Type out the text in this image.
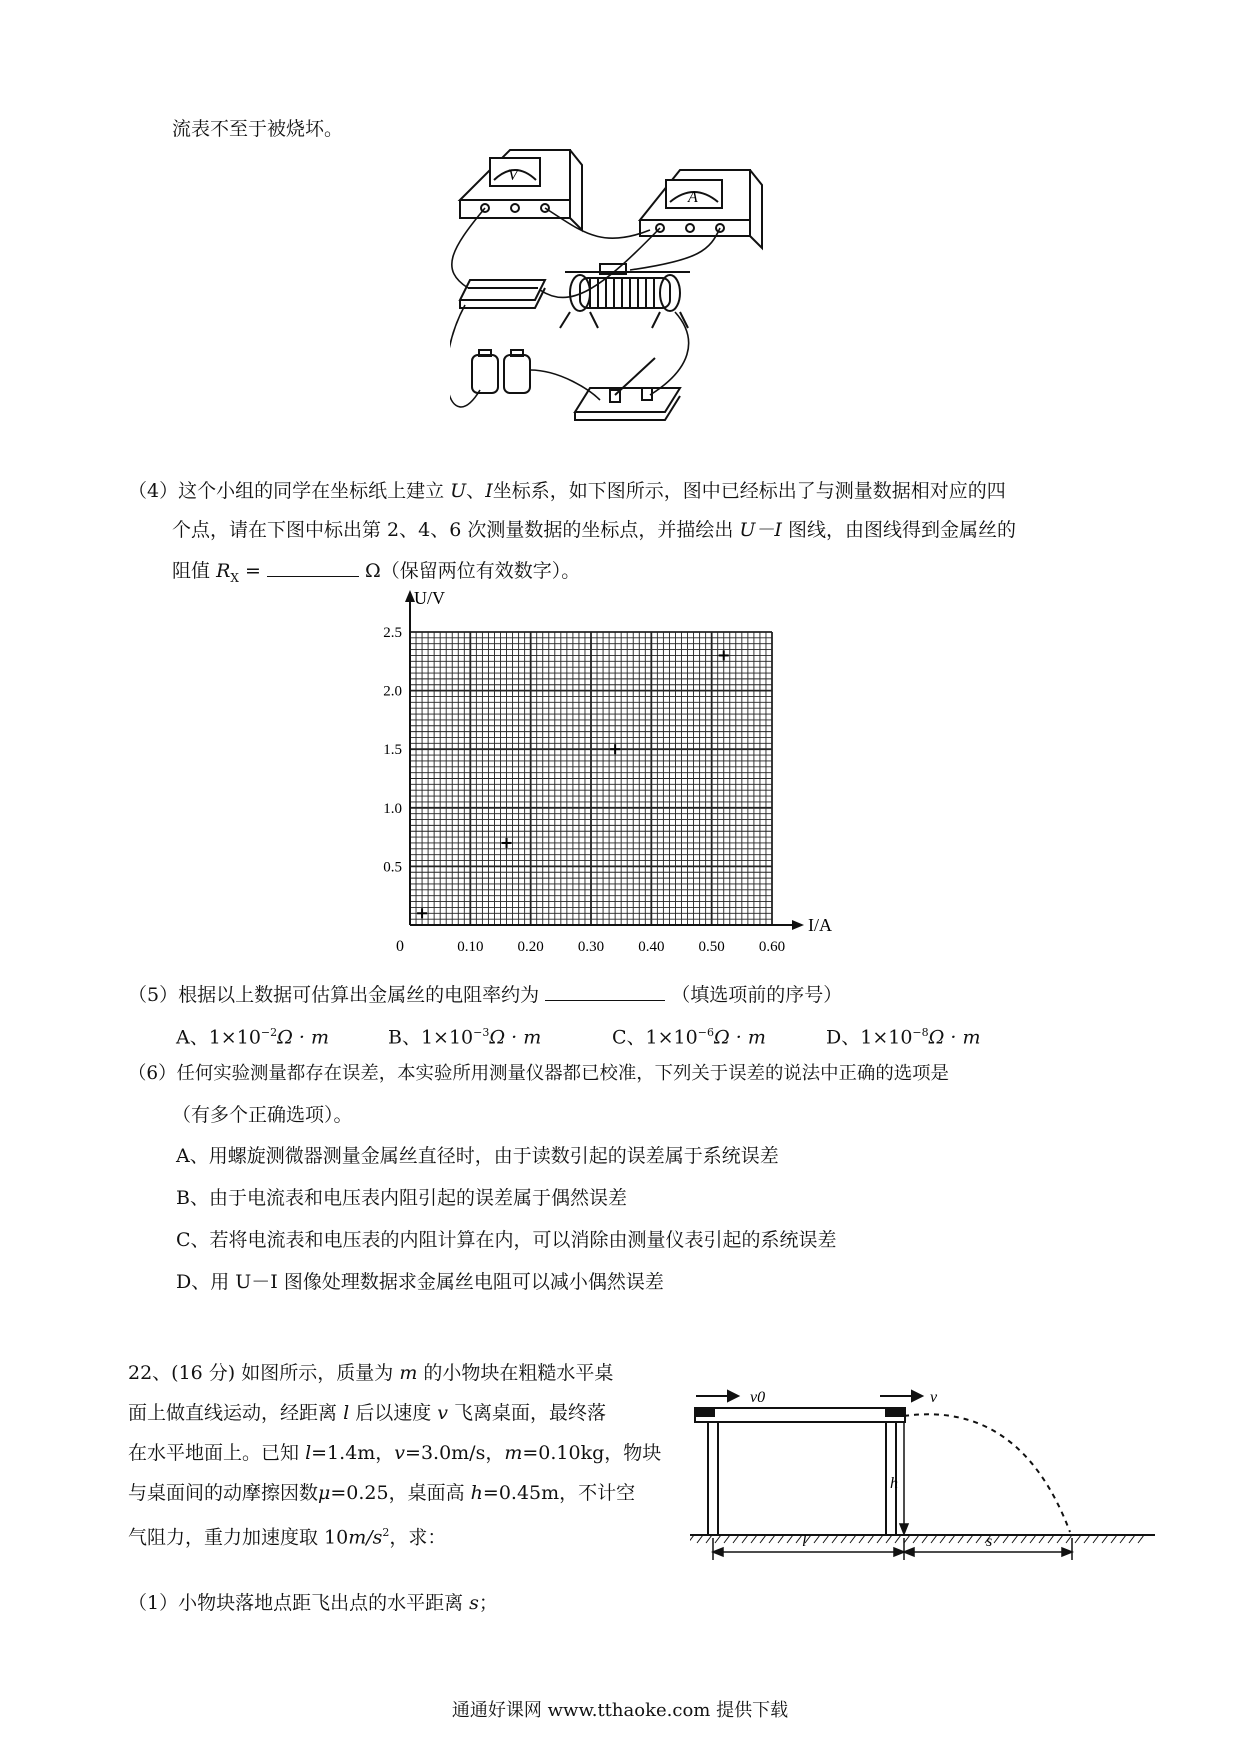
流表不至于被烧坏。
V
A
（4）这个小组的同学在坐标纸上建立 U、I坐标系，如下图所示，图中已经标出了与测量数据相对应的四
个点，请在下图中标出第 2、4、6 次测量数据的坐标点，并描绘出 U－I 图线，由图线得到金属丝的
阻值 $R_X$ =	Ω（保留两位有效数字）。
0.10 0.20 0.30 0.40 0.50 0.60
2.5
2.0
1.5
1.0
0.5
U/V
I/A
0
（5）根据以上数据可估算出金属丝的电阻率约为	（填选项前的序号）
A、$1\times 10^{-2}\Omega \cdot m$	B、$1\times 10^{-3}\Omega \cdot m$	C、$1\times 10^{-6}\Omega \cdot m$	D、$1\times 10^{-8}\Omega \cdot m$
（6）任何实验测量都存在误差，本实验所用测量仪器都已校准，下列关于误差的说法中正确的选项是
（有多个正确选项）。
A、用螺旋测微器测量金属丝直径时，由于读数引起的误差属于系统误差
B、由于电流表和电压表内阻引起的误差属于偶然误差
C、若将电流表和电压表的内阻计算在内，可以消除由测量仪表引起的系统误差
D、用 U－I 图像处理数据求金属丝电阻可以减小偶然误差
22、(16 分) 如图所示，质量为 m 的小物块在粗糙水平桌
面上做直线运动，经距离 l 后以速度 v 飞离桌面，最终落
在水平地面上。已知 l=1.4m，v=3.0m/s，m=0.10kg，物块
与桌面间的动摩擦因数μ=0.25，桌面高 h=0.45m，不计空
气阻力，重力加速度取 $10m/s^2$，求：
（1）小物块落地点距飞出点的水平距离 s；
v0	v
h
l	s
通通好课网 www.tthaoke.com 提供下载
